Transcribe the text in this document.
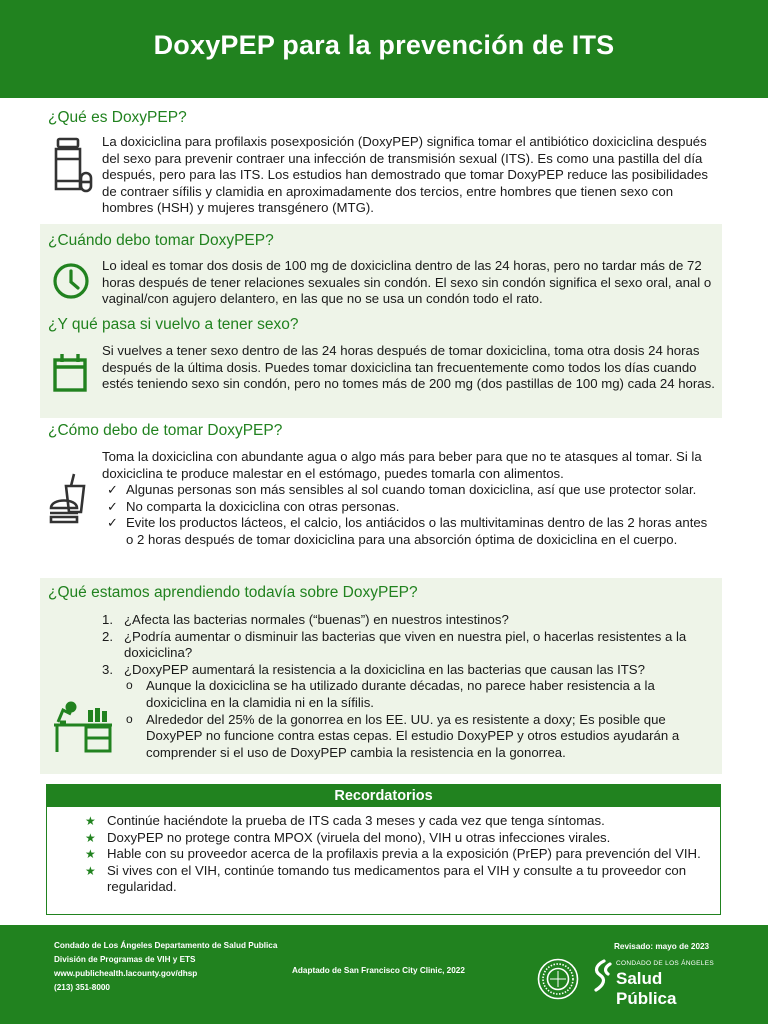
DoxyPEP para la prevención de ITS
¿Qué es DoxyPEP?

La doxiciclina para profilaxis posexposición (DoxyPEP) significa tomar el antibiótico doxiciclina después del sexo para prevenir contraer una infección de transmisión sexual (ITS). Es como una pastilla del día después, pero para las ITS. Los estudios han demostrado que tomar DoxyPEP reduce las posibilidades de contraer sífilis y clamidia en aproximadamente dos tercios, entre hombres que tienen sexo con hombres (HSH) y mujeres transgénero (MTG).

¿Cuándo debo tomar DoxyPEP?

Lo ideal es tomar dos dosis de 100 mg de doxiciclina dentro de las 24 horas, pero no tardar más de 72 horas después de tener relaciones sexuales sin condón. El sexo sin condón significa el sexo oral, anal o vaginal/con agujero delantero, en las que no se usa un condón todo el rato.

¿Y qué pasa si vuelvo a tener sexo?

Si vuelves a tener sexo dentro de las 24 horas después de tomar doxiciclina, toma otra dosis 24 horas después de la última dosis. Puedes tomar doxiciclina tan frecuentemente como todos los días cuando estés teniendo sexo sin condón, pero no tomes más de 200 mg (dos pastillas de 100 mg) cada 24 horas.

¿Cómo debo de tomar DoxyPEP?

Toma la doxiciclina con abundante agua o algo más para beber para que no te atasques al tomar. Si la doxiciclina te produce malestar en el estómago, puedes tomarla con alimentos.

✓ Algunas personas son más sensibles al sol cuando toman doxiciclina, así que use protector solar.
✓ No comparta la doxiciclina con otras personas.
✓ Evite los productos lácteos, el calcio, los antiácidos o las multivitaminas dentro de las 2 horas antes o 2 horas después de tomar doxiciclina para una absorción óptima de doxiciclina en el cuerpo.
¿Qué estamos aprendiendo todavía sobre DoxyPEP?
1. ¿Afecta las bacterias normales (“buenas”) en nuestros intestinos?
2. ¿Podría aumentar o disminuir las bacterias que viven en nuestra piel, o hacerlas resistentes a la doxiciclina?
3. ¿DoxyPEP aumentará la resistencia a la doxiciclina en las bacterias que causan las ITS?
o Aunque la doxiciclina se ha utilizado durante décadas, no parece haber resistencia a la doxiciclina en la clamidia ni en la sífilis.
o Alrededor del 25% de la gonorrea en los EE. UU. ya es resistente a doxy; Es posible que DoxyPEP no funcione contra estas cepas. El estudio DoxyPEP y otros estudios ayudarán a comprender si el uso de DoxyPEP cambia la resistencia en la gonorrea.
Recordatorios
★ Continúe haciéndote la prueba de ITS cada 3 meses y cada vez que tenga síntomas.
★ DoxyPEP no protege contra MPOX (viruela del mono), VIH u otras infecciones virales.
★ Hable con su proveedor acerca de la profilaxis previa a la exposición (PrEP) para prevención del VIH.
★ Si vives con el VIH, continúe tomando tus medicamentos para el VIH y consulte a tu proveedor con regularidad.
Condado de Los Ángeles Departamento de Salud Publica
División de Programas de VIH y ETS
www.publichealth.lacounty.gov/dhsp
(213) 351-8000
Adaptado de San Francisco City Clinic, 2022
Revisado: mayo de 2023
CONDADO DE LOS ÁNGELES
Salud Pública
